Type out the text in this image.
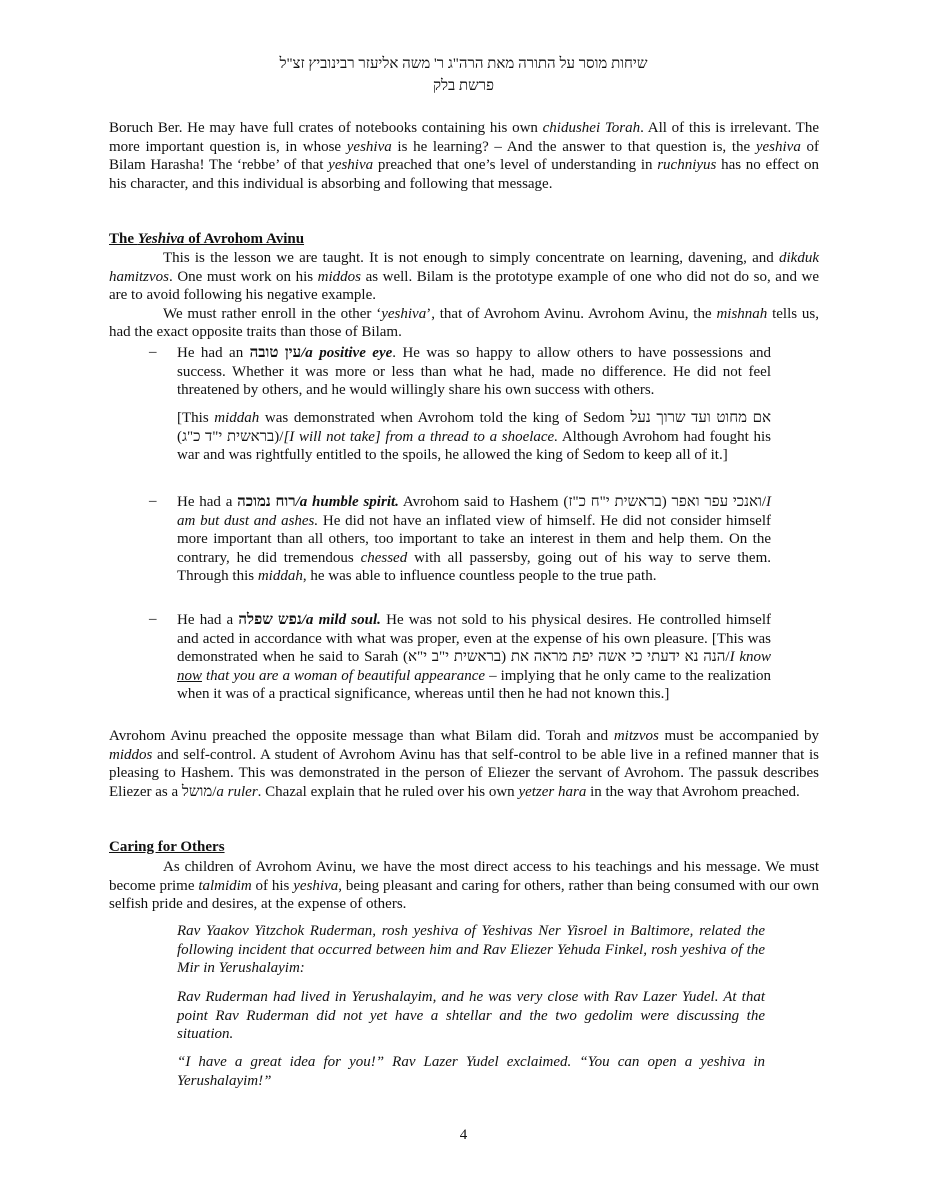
שיחות מוסר על התורה מאת הרה"ג ר' משה אליעזר רבינוביץ זצ"ל
פרשת בלק

Boruch Ber. He may have full crates of notebooks containing his own chidushei Torah. All of this is irrelevant. The more important question is, in whose yeshiva is he learning? – And the answer to that question is, the yeshiva of Bilam Harasha! The ‘rebbe’ of that yeshiva preached that one’s level of understanding in ruchniyus has no effect on his character, and this individual is absorbing and following that message.

The Yeshiva of Avrohom Avinu

This is the lesson we are taught. It is not enough to simply concentrate on learning, davening, and dikduk hamitzvos. One must work on his middos as well. Bilam is the prototype example of one who did not do so, and we are to avoid following his negative example.

We must rather enroll in the other ‘yeshiva’, that of Avrohom Avinu. Avrohom Avinu, the mishnah tells us, had the exact opposite traits than those of Bilam.

– He had an עין טובה/a positive eye. He was so happy to allow others to have possessions and success. Whether it was more or less than what he had, made no difference. He did not feel threatened by others, and he would willingly share his own success with others.

[This middah was demonstrated when Avrohom told the king of Sedom אם מחוט ועד שרוך נעל (בראשית י"ד כ"ג)/[I will not take] from a thread to a shoelace. Although Avrohom had fought his war and was rightfully entitled to the spoils, he allowed the king of Sedom to keep all of it.]

– He had a רוח נמוכה/a humble spirit. Avrohom said to Hashem ואנכי עפר ואפר (בראשית י"ח כ"ז)/I am but dust and ashes. He did not have an inflated view of himself. He did not consider himself more important than all others, too important to take an interest in them and help them. On the contrary, he did tremendous chessed with all passersby, going out of his way to serve them. Through this middah, he was able to influence countless people to the true path.

– He had a נפש שפלה/a mild soul. He was not sold to his physical desires. He controlled himself and acted in accordance with what was proper, even at the expense of his own pleasure. [This was demonstrated when he said to Sarah הנה נא ידעתי כי אשה יפת מראה את (בראשית י"ב י"א)/I know now that you are a woman of beautiful appearance – implying that he only came to the realization when it was of a practical significance, whereas until then he had not known this.]

Avrohom Avinu preached the opposite message than what Bilam did. Torah and mitzvos must be accompanied by middos and self-control. A student of Avrohom Avinu has that self-control to be able live in a refined manner that is pleasing to Hashem. This was demonstrated in the person of Eliezer the servant of Avrohom. The passuk describes Eliezer as a מושל/a ruler. Chazal explain that he ruled over his own yetzer hara in the way that Avrohom preached.

Caring for Others

As children of Avrohom Avinu, we have the most direct access to his teachings and his message. We must become prime talmidim of his yeshiva, being pleasant and caring for others, rather than being consumed with our own selfish pride and desires, at the expense of others.

Rav Yaakov Yitzchok Ruderman, rosh yeshiva of Yeshivas Ner Yisroel in Baltimore, related the following incident that occurred between him and Rav Eliezer Yehuda Finkel, rosh yeshiva of the Mir in Yerushalayim:

Rav Ruderman had lived in Yerushalayim, and he was very close with Rav Lazer Yudel. At that point Rav Ruderman did not yet have a shtellar and the two gedolim were discussing the situation.

“I have a great idea for you!” Rav Lazer Yudel exclaimed. “You can open a yeshiva in Yerushalayim!”

4
